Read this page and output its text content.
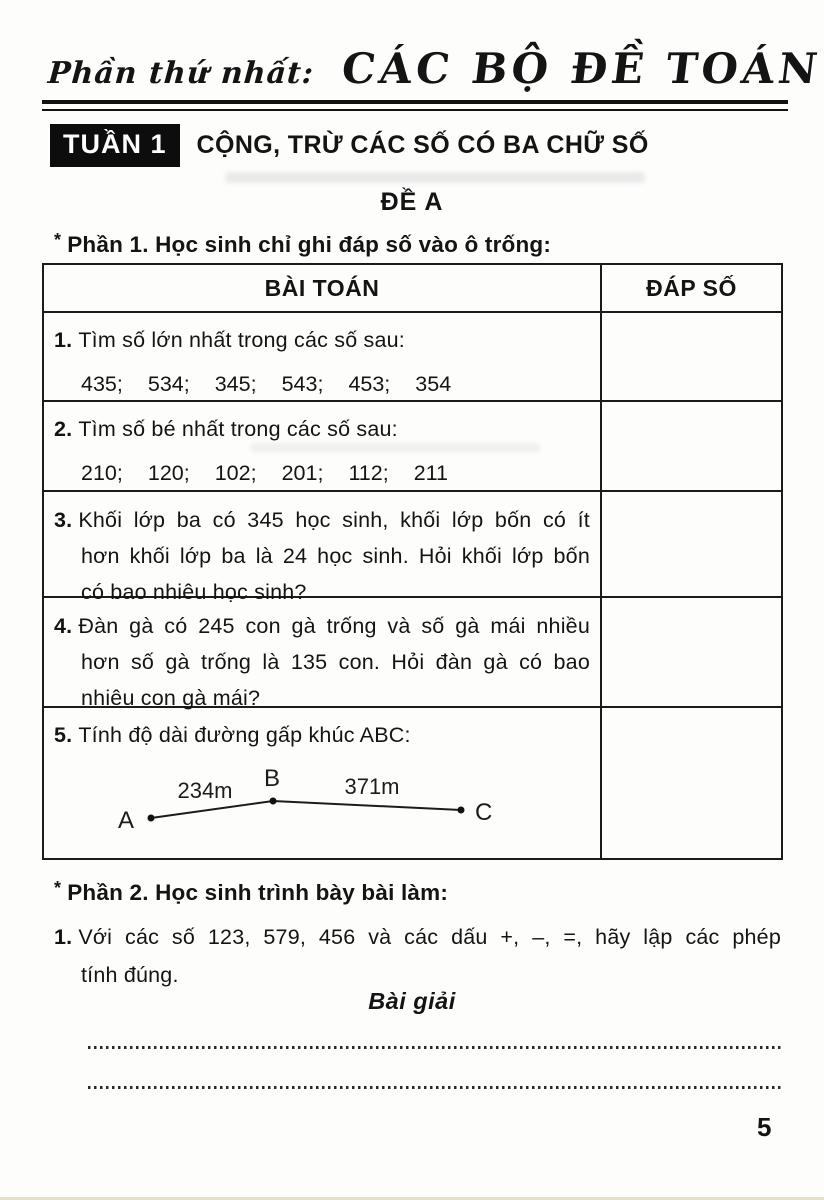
Phần thứ nhất: CÁC BỘ ĐỀ TOÁN
TUẦN 1	CỘNG, TRỪ CÁC SỐ CÓ BA CHỮ SỐ
ĐỀ A
* Phần 1. Học sinh chỉ ghi đáp số vào ô trống:
BÀI TOÁN	ĐÁP SỐ
1. Tìm số lớn nhất trong các số sau:
435; 534; 345; 543; 453; 354
2. Tìm số bé nhất trong các số sau:
210; 120; 102; 201; 112; 211
3. Khối lớp ba có 345 học sinh, khối lớp bốn có ít
hơn khối lớp ba là 24 học sinh. Hỏi khối lớp bốn
có bao nhiêu học sinh?
4. Đàn gà có 245 con gà trống và số gà mái nhiều
hơn số gà trống là 135 con. Hỏi đàn gà có bao
nhiêu con gà mái?
5. Tính độ dài đường gấp khúc ABC:
A
B
C
234m	371m
* Phần 2. Học sinh trình bày bài làm:
1. Với các số 123, 579, 456 và các dấu +, –, =, hãy lập các phép
tính đúng.
Bài giải
5
